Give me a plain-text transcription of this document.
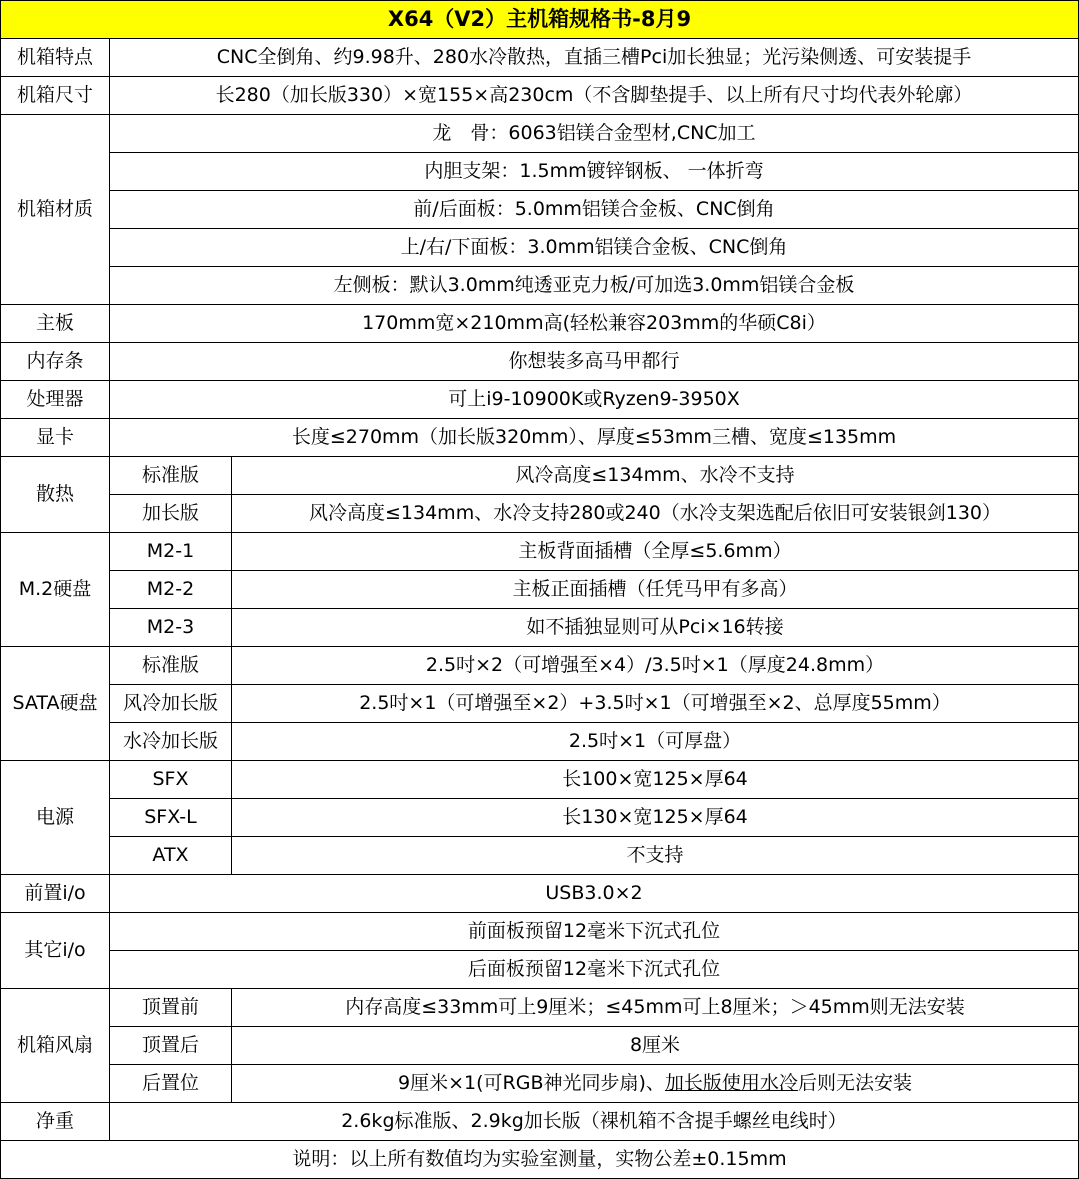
X64（V2）主机箱规格书-8月9		
机箱特点	CNC全倒角、约9.98升、280水冷散热，直插三槽Pci加长独显；光污染侧透、可安装提手	
机箱尺寸	长280（加长版330）×宽155×高230cm（不含脚垫提手、以上所有尺寸均代表外轮廓）	
机箱材质	龙　骨：6063铝镁合金型材,CNC加工	
	内胆支架：1.5mm镀锌钢板、 一体折弯	
	前/后面板：5.0mm铝镁合金板、CNC倒角	
	上/右/下面板：3.0mm铝镁合金板、CNC倒角	
	左侧板：默认3.0mm纯透亚克力板/可加选3.0mm铝镁合金板	
主板	170mm宽×210mm高(轻松兼容203mm的华硕C8i）	
内存条	你想装多高马甲都行	
处理器	可上i9-10900K或Ryzen9-3950X	
显卡	长度≤270mm（加长版320mm）、厚度≤53mm三槽、宽度≤135mm	
散热	标准版	风冷高度≤134mm、水冷不支持
	加长版	风冷高度≤134mm、水冷支持280或240（水冷支架选配后依旧可安装银剑130）
M.2硬盘	M2-1	主板背面插槽（全厚≤5.6mm）
	M2-2	主板正面插槽（任凭马甲有多高）
	M2-3	如不插独显则可从Pci×16转接
SATA硬盘	标准版	2.5吋×2（可增强至×4）/3.5吋×1（厚度24.8mm）
	风冷加长版	2.5吋×1（可增强至×2）+3.5吋×1（可增强至×2、总厚度55mm）
	水冷加长版	2.5吋×1（可厚盘）
电源	SFX	长100×宽125×厚64
	SFX-L	长130×宽125×厚64
	ATX	不支持
前置i/o	USB3.0×2	
其它i/o	前面板预留12毫米下沉式孔位	
	后面板预留12毫米下沉式孔位	
机箱风扇	顶置前	内存高度≤33mm可上9厘米；≤45mm可上8厘米；＞45mm则无法安装
	顶置后	8厘米
	后置位	9厘米×1(可RGB神光同步扇)、加长版使用水冷后则无法安装
净重	2.6kg标准版、2.9kg加长版（裸机箱不含提手螺丝电线时）	
说明：以上所有数值均为实验室测量，实物公差±0.15mm		
